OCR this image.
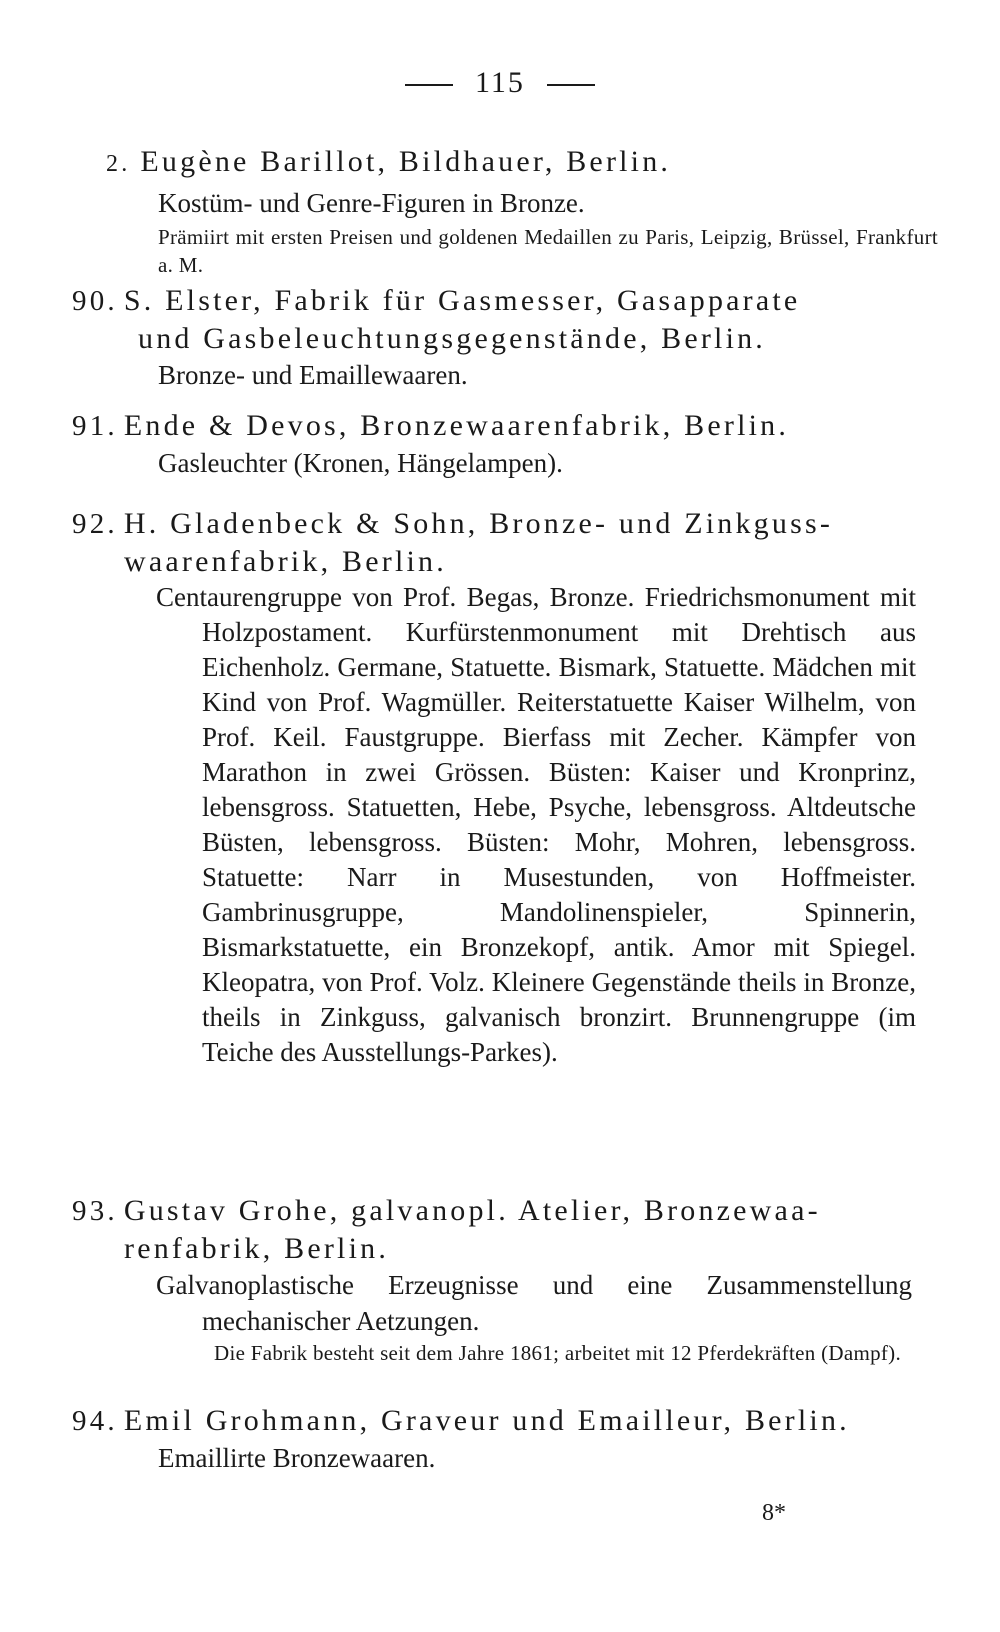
115
2. Eugène Barillot, Bildhauer, Berlin.
Kostüm- und Genre-Figuren in Bronze.
Prämiirt mit ersten Preisen und goldenen Medaillen zu Paris, Leipzig, Brüssel, Frankfurt a. M.
90. S. Elster, Fabrik für Gasmesser, Gasapparate
und Gasbeleuchtungsgegenstände, Berlin.
Bronze- und Emaillewaaren.
91. Ende & Devos, Bronzewaarenfabrik, Berlin.
Gasleuchter (Kronen, Hängelampen).
92. H. Gladenbeck & Sohn, Bronze- und Zinkguss-
waarenfabrik, Berlin.
Centaurengruppe von Prof. Begas, Bronze. Friedrichsmonument mit Holzpostament. Kurfürstenmonument mit Drehtisch aus Eichenholz. Germane, Statuette. Bismark, Statuette. Mädchen mit Kind von Prof. Wagmüller. Reiterstatuette Kaiser Wilhelm, von Prof. Keil. Faustgruppe. Bierfass mit Zecher. Kämpfer von Marathon in zwei Grössen. Büsten: Kaiser und Kronprinz, lebensgross. Statuetten, Hebe, Psyche, lebensgross. Altdeutsche Büsten, lebensgross. Büsten: Mohr, Mohren, lebensgross. Statuette: Narr in Musestunden, von Hoffmeister. Gambrinusgruppe, Mandolinenspieler, Spinnerin, Bismarkstatuette, ein Bronzekopf, antik. Amor mit Spiegel. Kleopatra, von Prof. Volz. Kleinere Gegenstände theils in Bronze, theils in Zinkguss, galvanisch bronzirt. Brunnengruppe (im Teiche des Ausstellungs-Parkes).
93. Gustav Grohe, galvanopl. Atelier, Bronzewaa-
renfabrik, Berlin.
Galvanoplastische Erzeugnisse und eine Zusammenstellung mechanischer Aetzungen.
Die Fabrik besteht seit dem Jahre 1861; arbeitet mit 12 Pferdekräften (Dampf).
94. Emil Grohmann, Graveur und Emailleur, Berlin.
Emaillirte Bronzewaaren.
8*
